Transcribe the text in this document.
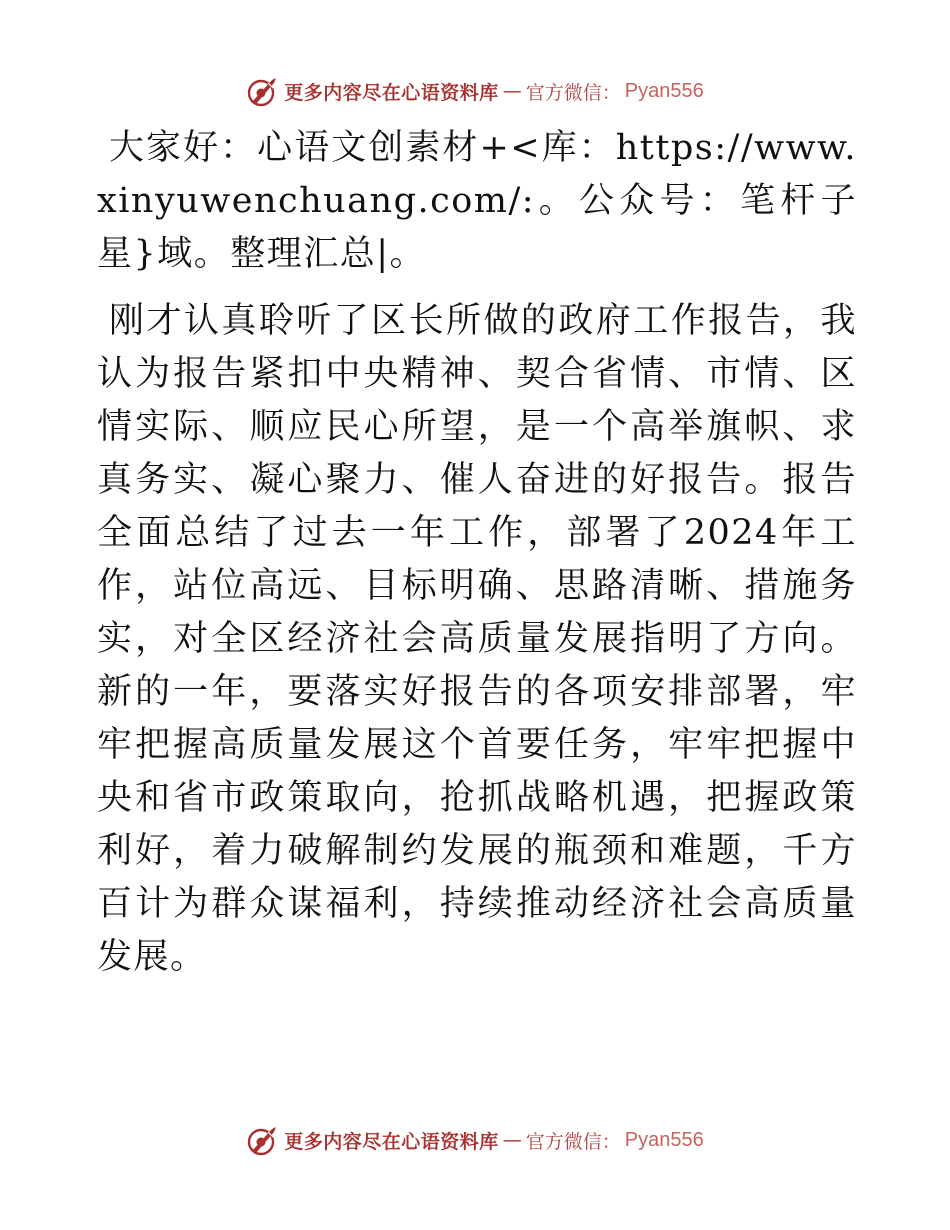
更多内容尽在心语资料库 — 官方微信： Pyan556

大家好：心语文创素材+<库：https://www.xinyuwenchuang.com/:。公众号：笔杆子星}域。整理汇总|。

刚才认真聆听了区长所做的政府工作报告，我认为报告紧扣中央精神、契合省情、市情、区情实际、顺应民心所望，是一个高举旗帜、求真务实、凝心聚力、催人奋进的好报告。报告全面总结了过去一年工作，部署了2024年工作，站位高远、目标明确、思路清晰、措施务实，对全区经济社会高质量发展指明了方向。新的一年，要落实好报告的各项安排部署，牢牢把握高质量发展这个首要任务，牢牢把握中央和省市政策取向，抢抓战略机遇，把握政策利好，着力破解制约发展的瓶颈和难题，千方百计为群众谋福利，持续推动经济社会高质量发展。

更多内容尽在心语资料库 — 官方微信： Pyan556
